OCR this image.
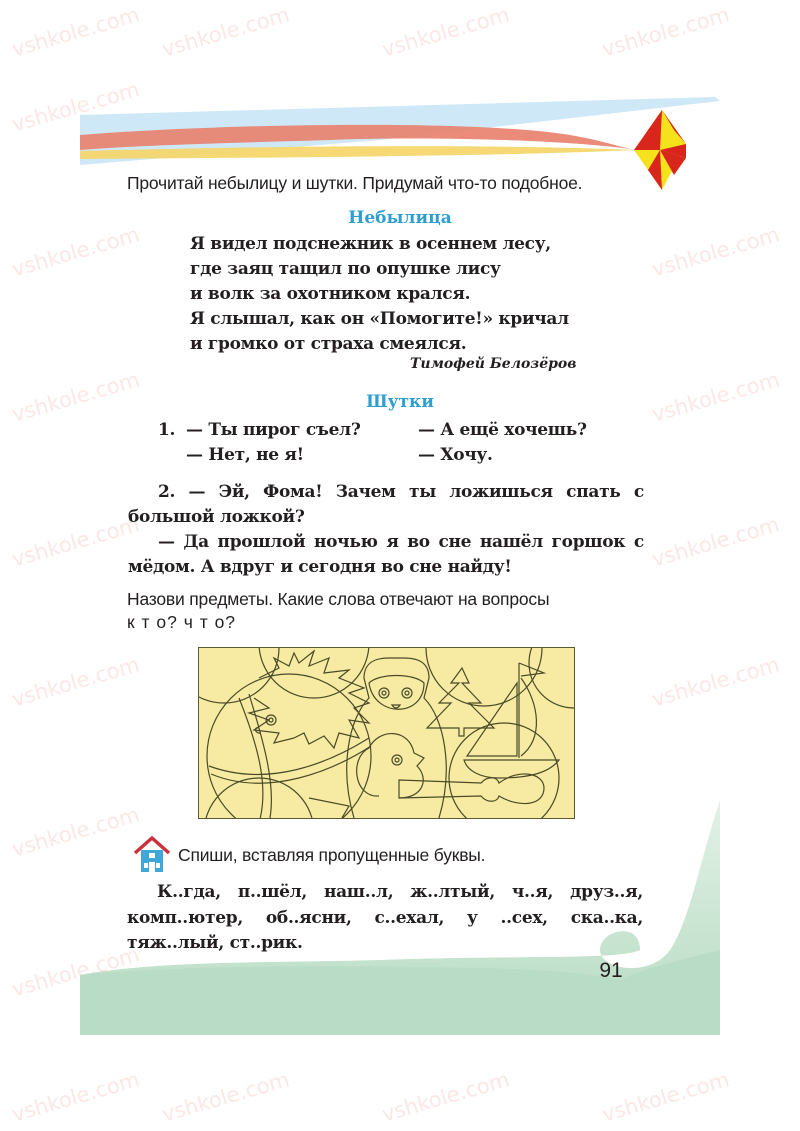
vshkole.com vshkole.com	vshkole.com	vshkole.com
vshkole.com
vshkole.com	vshkole.com
vshkole.com	vshkole.com
vshkole.com	vshkole.com
vshkole.com	vshkole.com
vshkole.com
vshkole.com
vshkole.com vshkole.com	vshkole.com	vshkole.com
Прочитай небылицу и шутки. Придумай что-то подобное.
Небылица
Я видел подснежник в осеннем лесу,
где заяц тащил по опушке лису
и волк за охотником крался.
Я слышал, как он «Помогите!» кричал
и громко от страха смеялся.
Тимофей Белозёров
Шутки
1. — Ты пирог съел?	— А ещё хочешь?
— Нет, не я!	— Хочу.
2. — Эй, Фома! Зачем ты ложишься спать с большой ложкой?
— Да прошлой ночью я во сне нашёл горшок с мёдом. А вдруг и сегодня во сне найду!
Назови предметы. Какие слова отвечают на вопросы
к т о? ч т о?
Спиши, вставляя пропущенные буквы.
К..гда, п..шёл, наш..л, ж..лтый, ч..я, друз..я, комп..ютер, об..ясни, с..ехал, у ..сех, ска..ка, тяж..лый, ст..рик.
91
